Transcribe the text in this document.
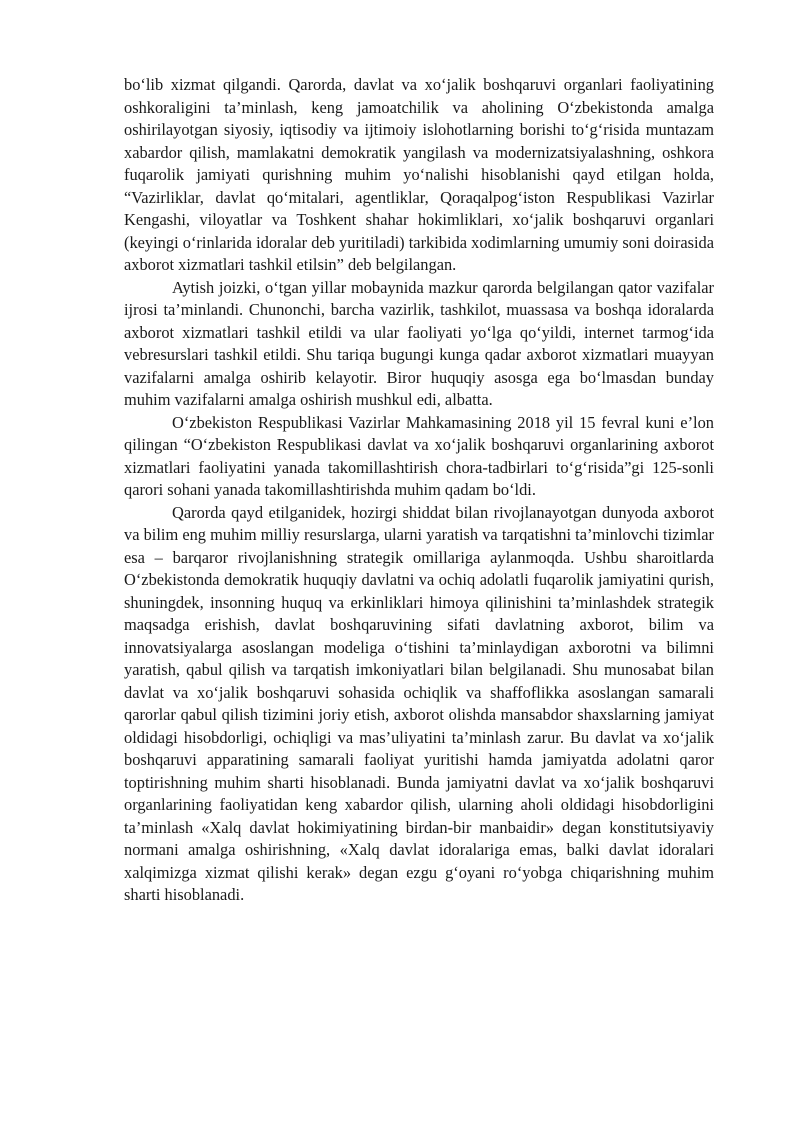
bo‘lib xizmat qilgandi. Qarorda, davlat va xo‘jalik boshqaruvi organlari faoliyatining oshkoraligini ta’minlash, keng jamoatchilik va aholining O‘zbekistonda amalga oshirilayotgan siyosiy, iqtisodiy va ijtimoiy islohotlarning borishi to‘g‘risida muntazam xabardor qilish, mamlakatni demokratik yangilash va modernizatsiyalashning, oshkora fuqarolik jamiyati qurishning muhim yo‘nalishi hisoblanishi qayd etilgan holda, “Vazirliklar, davlat qo‘mitalari, agentliklar, Qoraqalpog‘iston Respublikasi Vazirlar Kengashi, viloyatlar va Toshkent shahar hokimliklari, xo‘jalik boshqaruvi organlari (keyingi o‘rinlarida idoralar deb yuritiladi) tarkibida xodimlarning umumiy soni doirasida axborot xizmatlari tashkil etilsin” deb belgilangan.

Aytish joizki, o‘tgan yillar mobaynida mazkur qarorda belgilangan qator vazifalar ijrosi ta’minlandi. Chunonchi, barcha vazirlik, tashkilot, muassasa va boshqa idoralarda axborot xizmatlari tashkil etildi va ular faoliyati yo‘lga qo‘yildi, internet tarmog‘ida vebresurslari tashkil etildi. Shu tariqa bugungi kunga qadar axborot xizmatlari muayyan vazifalarni amalga oshirib kelayotir. Biror huquqiy asosga ega bo‘lmasdan bunday muhim vazifalarni amalga oshirish mushkul edi, albatta.

O‘zbekiston Respublikasi Vazirlar Mahkamasining 2018 yil 15 fevral kuni e’lon qilingan “O‘zbekiston Respublikasi davlat va xo‘jalik boshqaruvi organlarining axborot xizmatlari faoliyatini yanada takomillashtirish chora-tadbirlari to‘g‘risida”gi 125-sonli qarori sohani yanada takomillashtirishda muhim qadam bo‘ldi.

Qarorda qayd etilganidek, hozirgi shiddat bilan rivojlanayotgan dunyoda axborot va bilim eng muhim milliy resurslarga, ularni yaratish va tarqatishni ta’minlovchi tizimlar esa – barqaror rivojlanishning strategik omillariga aylanmoqda. Ushbu sharoitlarda O‘zbekistonda demokratik huquqiy davlatni va ochiq adolatli fuqarolik jamiyatini qurish, shuningdek, insonning huquq va erkinliklari himoya qilinishini ta’minlashdek strategik maqsadga erishish, davlat boshqaruvining sifati davlatning axborot, bilim va innovatsiyalarga asoslangan modeliga o‘tishini ta’minlaydigan axborotni va bilimni yaratish, qabul qilish va tarqatish imkoniyatlari bilan belgilanadi. Shu munosabat bilan davlat va xo‘jalik boshqaruvi sohasida ochiqlik va shaffoflikka asoslangan samarali qarorlar qabul qilish tizimini joriy etish, axborot olishda mansabdor shaxslarning jamiyat oldidagi hisobdorligi, ochiqligi va mas’uliyatini ta’minlash zarur. Bu davlat va xo‘jalik boshqaruvi apparatining samarali faoliyat yuritishi hamda jamiyatda adolatni qaror toptirishning muhim sharti hisoblanadi. Bunda jamiyatni davlat va xo‘jalik boshqaruvi organlarining faoliyatidan keng xabardor qilish, ularning aholi oldidagi hisobdorligini ta’minlash «Xalq davlat hokimiyatining birdan-bir manbaidir» degan konstitutsiyaviy normani amalga oshirishning, «Xalq davlat idoralariga emas, balki davlat idoralari xalqimizga xizmat qilishi kerak» degan ezgu g‘oyani ro‘yobga chiqarishning muhim sharti hisoblanadi.
